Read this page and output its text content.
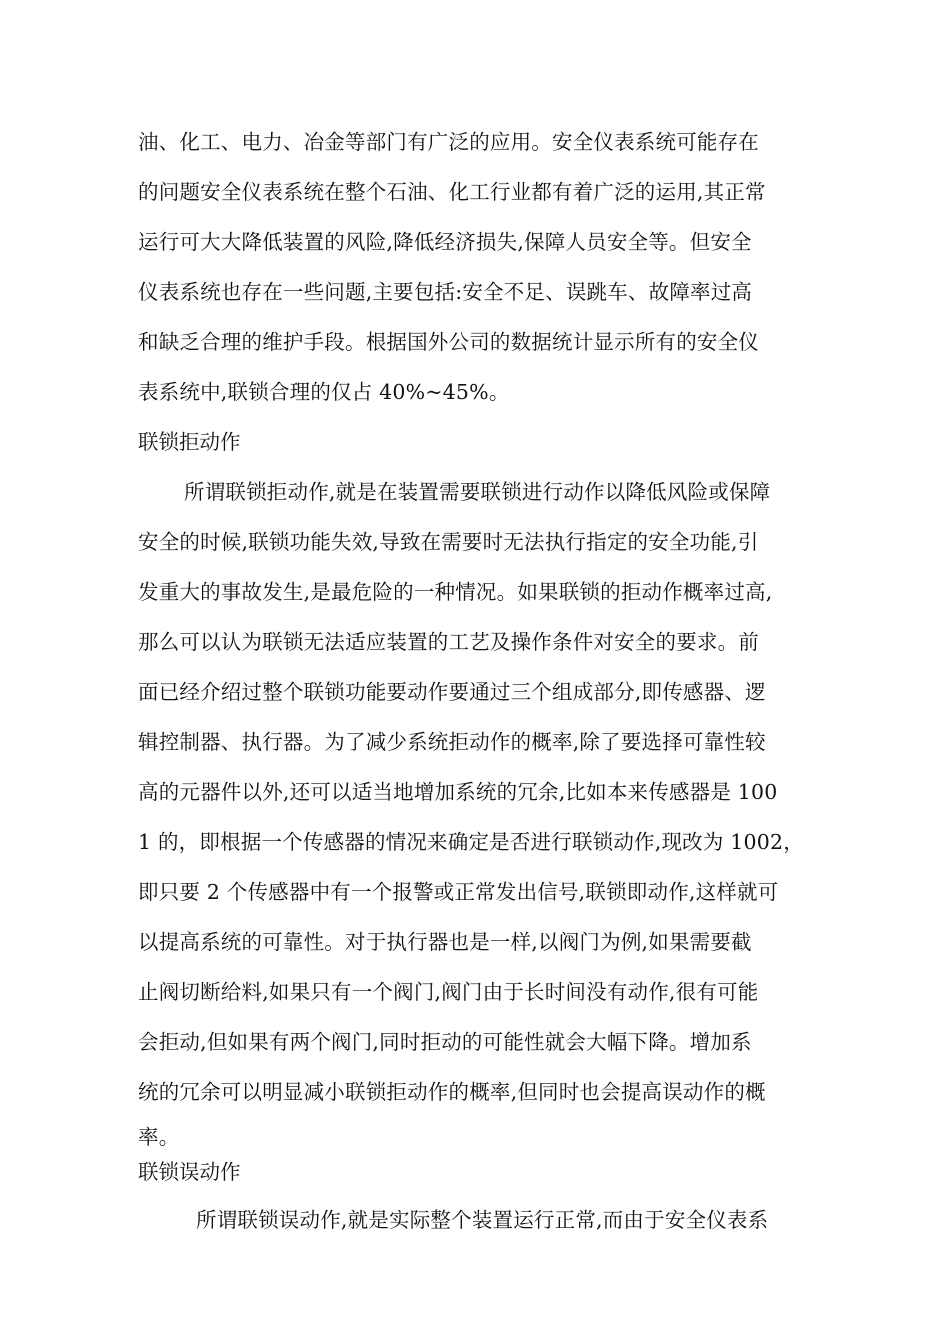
油、化工、电力、冶金等部门有广泛的应用。安全仪表系统可能存在
的问题安全仪表系统在整个石油、化工行业都有着广泛的运用,其正常
运行可大大降低装置的风险,降低经济损失,保障人员安全等。但安全
仪表系统也存在一些问题,主要包括:安全不足、误跳车、故障率过高
和缺乏合理的维护手段。根据国外公司的数据统计显示所有的安全仪
表系统中,联锁合理的仅占 40%~45%。
联锁拒动作
所谓联锁拒动作,就是在装置需要联锁进行动作以降低风险或保障
安全的时候,联锁功能失效,导致在需要时无法执行指定的安全功能,引
发重大的事故发生,是最危险的一种情况。如果联锁的拒动作概率过高,
那么可以认为联锁无法适应装置的工艺及操作条件对安全的要求。前
面已经介绍过整个联锁功能要动作要通过三个组成部分,即传感器、逻
辑控制器、执行器。为了减少系统拒动作的概率,除了要选择可靠性较
高的元器件以外,还可以适当地增加系统的冗余,比如本来传感器是 100
1 的，即根据一个传感器的情况来确定是否进行联锁动作,现改为 1002，
即只要 2 个传感器中有一个报警或正常发出信号,联锁即动作,这样就可
以提高系统的可靠性。对于执行器也是一样,以阀门为例,如果需要截
止阀切断给料,如果只有一个阀门,阀门由于长时间没有动作,很有可能
会拒动,但如果有两个阀门,同时拒动的可能性就会大幅下降。增加系
统的冗余可以明显减小联锁拒动作的概率,但同时也会提高误动作的概
率。
联锁误动作
所谓联锁误动作,就是实际整个装置运行正常,而由于安全仪表系
